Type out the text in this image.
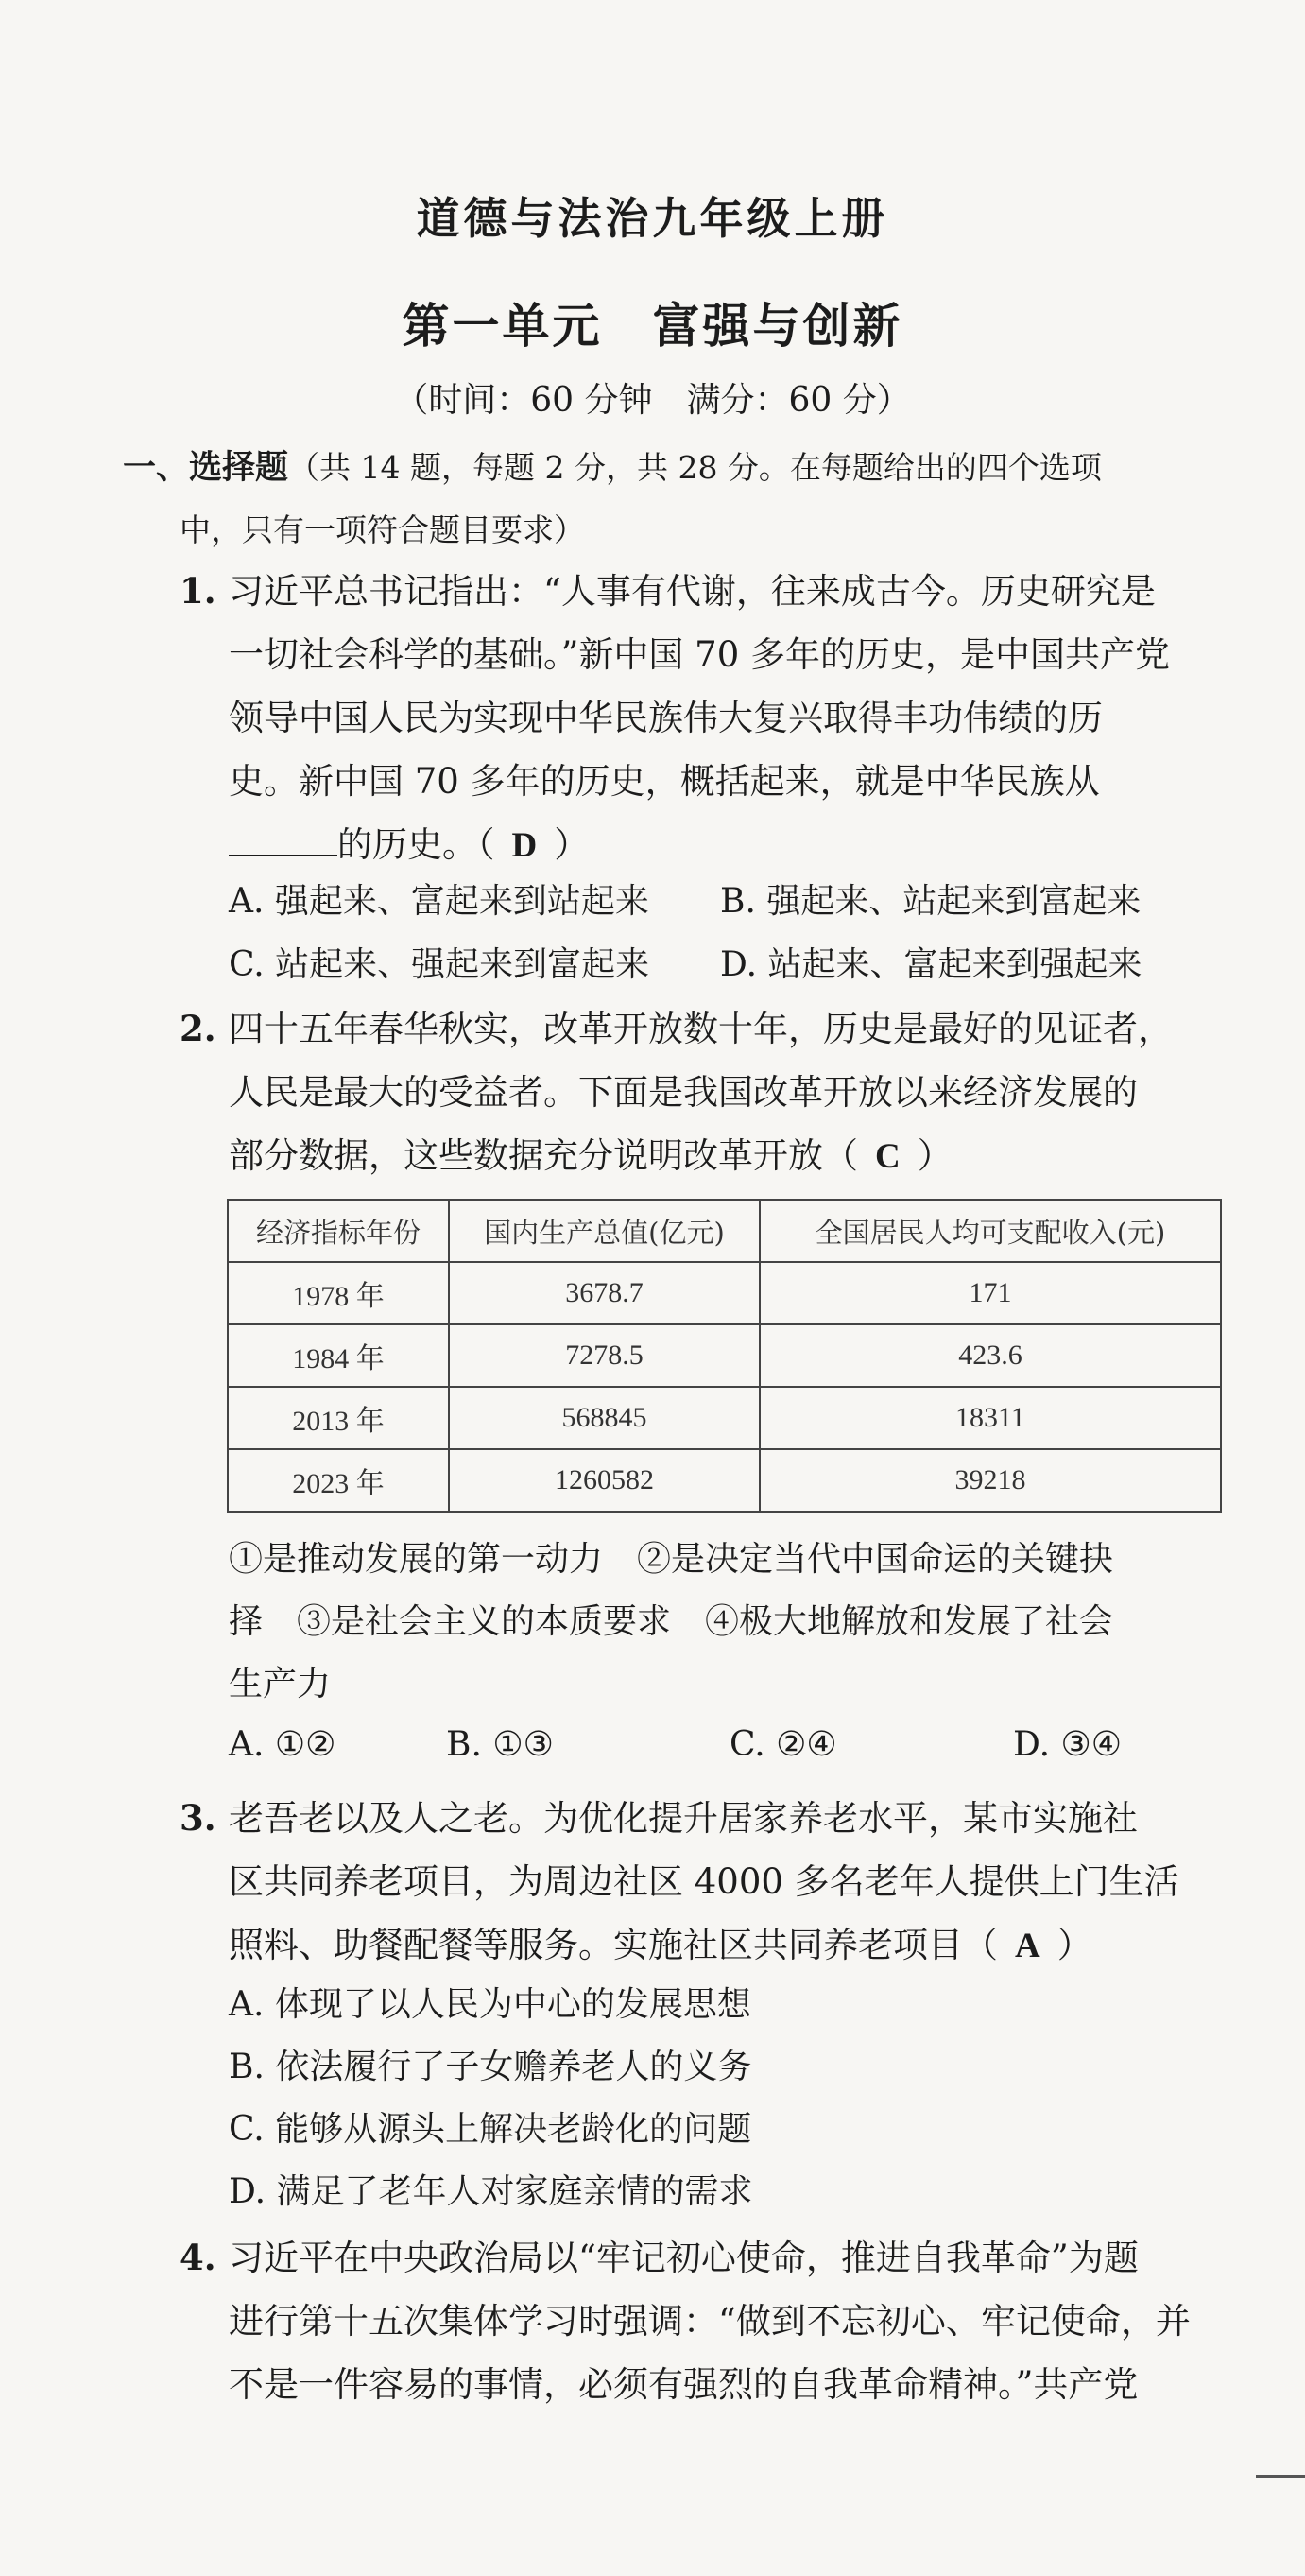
道德与法治九年级上册
第一单元　富强与创新
（时间：60 分钟　满分：60 分）
一、选择题（共 14 题，每题 2 分，共 28 分。在每题给出的四个选项
中，只有一项符合题目要求）
1. 习近平总书记指出：“人事有代谢，往来成古今。历史研究是
一切社会科学的基础。”新中国 70 多年的历史，是中国共产党
领导中国人民为实现中华民族伟大复兴取得丰功伟绩的历
史。新中国 70 多年的历史，概括起来，就是中华民族从
的历史。（ D ）
A. 强起来、富起来到站起来 B. 强起来、站起来到富起来
C. 站起来、强起来到富起来 D. 站起来、富起来到强起来
2. 四十五年春华秋实，改革开放数十年，历史是最好的见证者，
人民是最大的受益者。下面是我国改革开放以来经济发展的
部分数据，这些数据充分说明改革开放（ C ）
经济指标年份	国内生产总值(亿元)	全国居民人均可支配收入(元)
1978 年	3678.7	171
1984 年	7278.5	423.6
2013 年	568845	18311
2023 年	1260582	39218
①是推动发展的第一动力　②是决定当代中国命运的关键抉
择　③是社会主义的本质要求　④极大地解放和发展了社会
生产力
A. ①②	B. ①③	C. ②④	D. ③④
3. 老吾老以及人之老。为优化提升居家养老水平，某市实施社
区共同养老项目，为周边社区 4000 多名老年人提供上门生活
照料、助餐配餐等服务。实施社区共同养老项目（ A ）
A. 体现了以人民为中心的发展思想
B. 依法履行了子女赡养老人的义务
C. 能够从源头上解决老龄化的问题
D. 满足了老年人对家庭亲情的需求
4. 习近平在中央政治局以“牢记初心使命，推进自我革命”为题
进行第十五次集体学习时强调：“做到不忘初心、牢记使命，并
不是一件容易的事情，必须有强烈的自我革命精神。”共产党
